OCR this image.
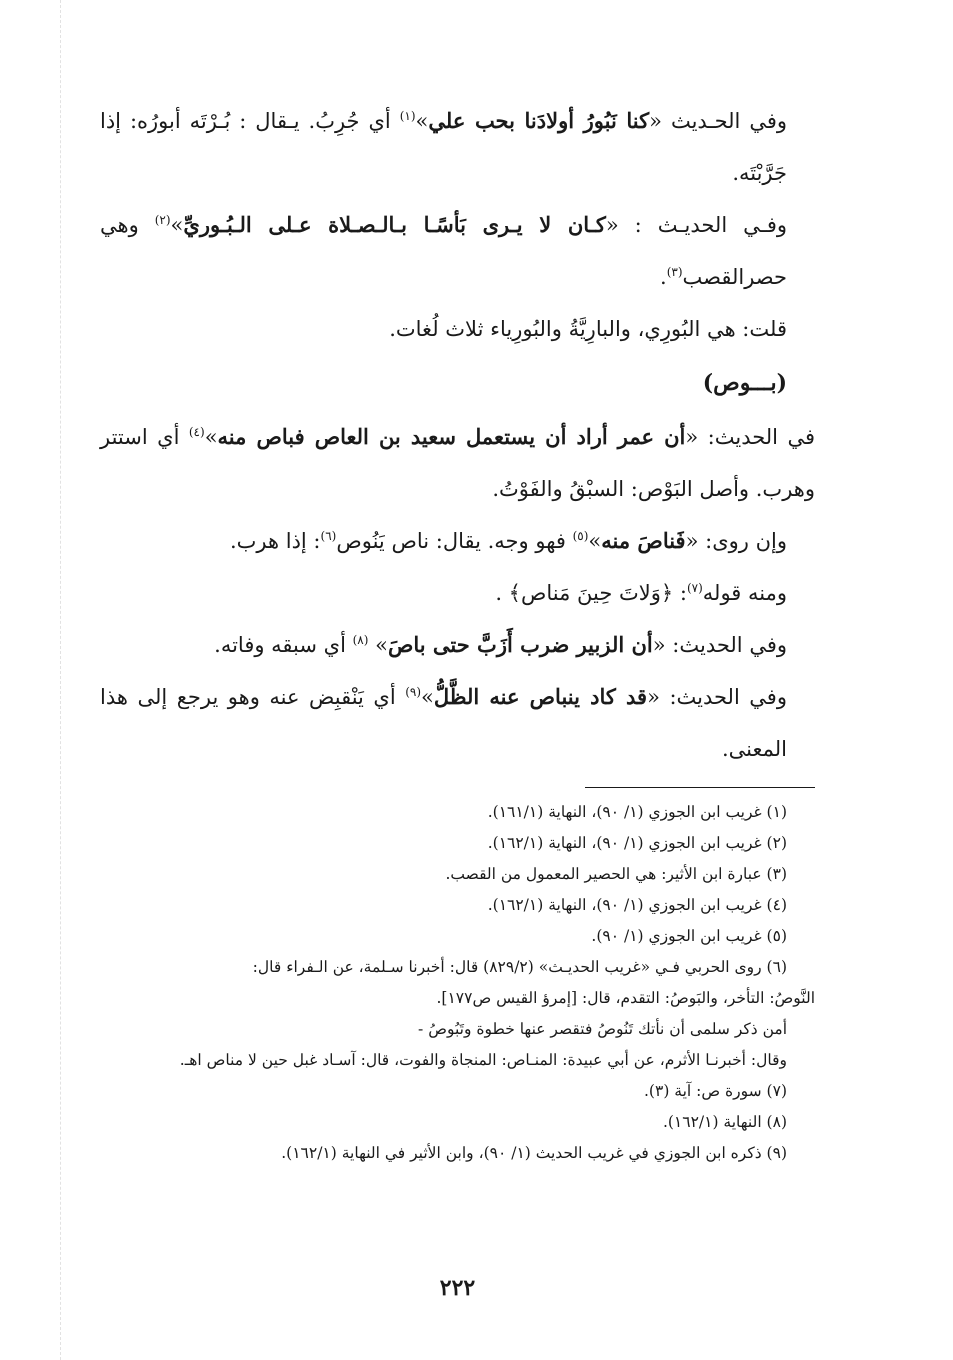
وفي الحـديث «كنا نَبُورُ أولادَنا بحب علي»$^{(١)}$ أي جُرِبُ. يـقال : بُـرْتَه أبورُه: إذا جَرَّبْتَه.

وفـي الحديـث : «كـان لا يـرى بَأسًـا بـالـصـلاة عـلى الـبُـوريِّ»$^{(٢)}$ وهي حصرالقصب$^{(٣)}$.

قلت: هي البُورِي، والبارِيَّةُ والبُورِياء ثلاث لُغات.

(بـــوص)

في الحديث: «أن عمر أراد أن يستعمل سعيد بن العاص فباص منه»$^{(٤)}$ أي استتر وهرب. وأصل البَوْص: السبْقُ والفَوْتُ.

وإن روى: «فَناصَ منه»$^{(٥)}$ فهو وجه. يقال: ناص يَنُوص$^{(٦)}$: إذا هرب.

ومنه قوله$^{(٧)}$: ﴿وَلاتَ حِينَ مَناص﴾ .

وفي الحديث: «أن الزبير ضرب أَزَبَّ حتى باصَ» $^{(٨)}$ أي سبقه وفاته.

وفي الحديث: «قد كاد ينباص عنه الظَّلُّ»$^{(٩)}$ أي يَنْقبِض عنه وهو يرجع إلى هذا المعنى.

(١) غريب ابن الجوزي (١/ ٩٠)، النهاية (١٦١/١).

(٢) غريب ابن الجوزي (١/ ٩٠)، النهاية (١٦٢/١).

(٣) عبارة ابن الأثير: هي الحصير المعمول من القصب.

(٤) غريب ابن الجوزي (١/ ٩٠)، النهاية (١٦٢/١).

(٥) غريب ابن الجوزي (١/ ٩٠).

(٦) روى الحربي فـي «غريب الحديـث» (٨٢٩/٢) قال: أخبرنا سـلمة، عن الـفراء قال:

النَّوصُ: التأخر، والبَوصُ: التقدم، قال: [إمرؤ القيس ص١٧٧].

أمن ذكر سلمى أن نأتك تَنُوصُ فتقصر عنها خطوة وتَبُوصُ -

وقال: أخبرنـا الأثرم، عن أبي عبيدة: المنـاص: المنجاة والفوت، قال: آسـاد غبل حين لا مناص اهـ.

(٧) سورة ص: آية (٣).

(٨) النهاية (١٦٢/١).

(٩) ذكره ابن الجوزي في غريب الحديث (١/ ٩٠)، وابن الأثير في النهاية (١٦٢/١).

٢٢٢
